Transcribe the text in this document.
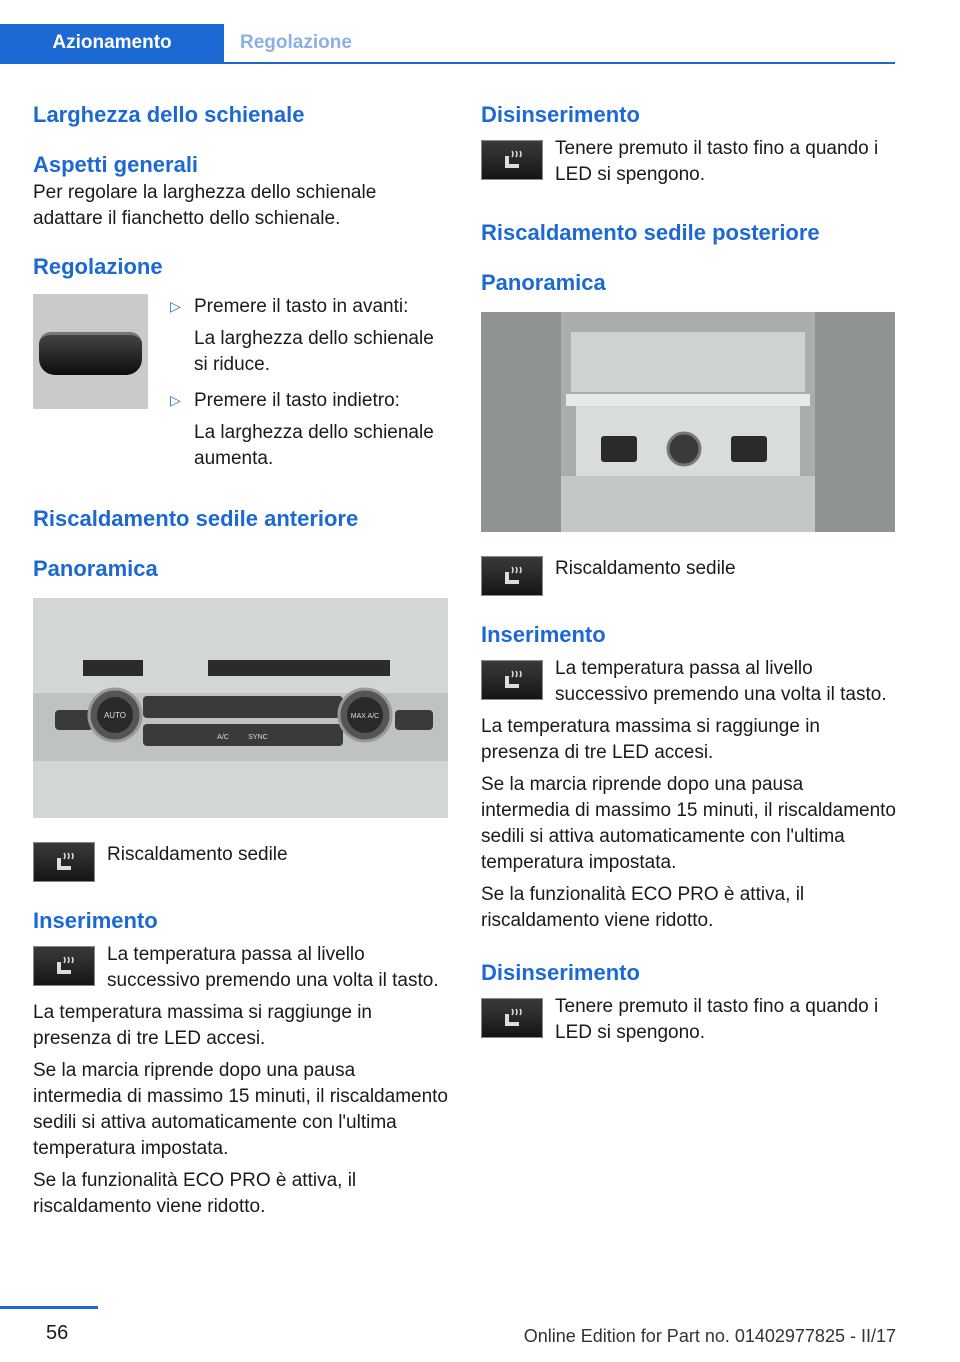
Azionamento	Regolazione
Larghezza dello schienale
Aspetti generali

Per regolare la larghezza dello schienale adattare il fianchetto dello schienale.

Regolazione
▷ Premere il tasto in avanti:

La larghezza dello schienale si riduce.

▷ Premere il tasto indietro:

La larghezza dello schienale aumenta.

Riscaldamento sedile anteriore
Panoramica
AUTO	MAX A/C
A/C	SYNC

Riscaldamento sedile

Inserimento

La temperatura passa al livello successivo premendo una volta il tasto.

La temperatura massima si raggiunge in presenza di tre LED accesi.

Se la marcia riprende dopo una pausa intermedia di massimo 15 minuti, il riscaldamento sedili si attiva automaticamente con l'ultima temperatura impostata.

Se la funzionalità ECO PRO è attiva, il riscaldamento viene ridotto.

Disinserimento

Tenere premuto il tasto fino a quando i LED si spengono.

Riscaldamento sedile posteriore
Panoramica

Riscaldamento sedile

Inserimento

La temperatura passa al livello successivo premendo una volta il tasto.

La temperatura massima si raggiunge in presenza di tre LED accesi.

Se la marcia riprende dopo una pausa intermedia di massimo 15 minuti, il riscaldamento sedili si attiva automaticamente con l'ultima temperatura impostata.

Se la funzionalità ECO PRO è attiva, il riscaldamento viene ridotto.

Disinserimento

Tenere premuto il tasto fino a quando i LED si spengono.

56	Online Edition for Part no. 01402977825 - II/17
